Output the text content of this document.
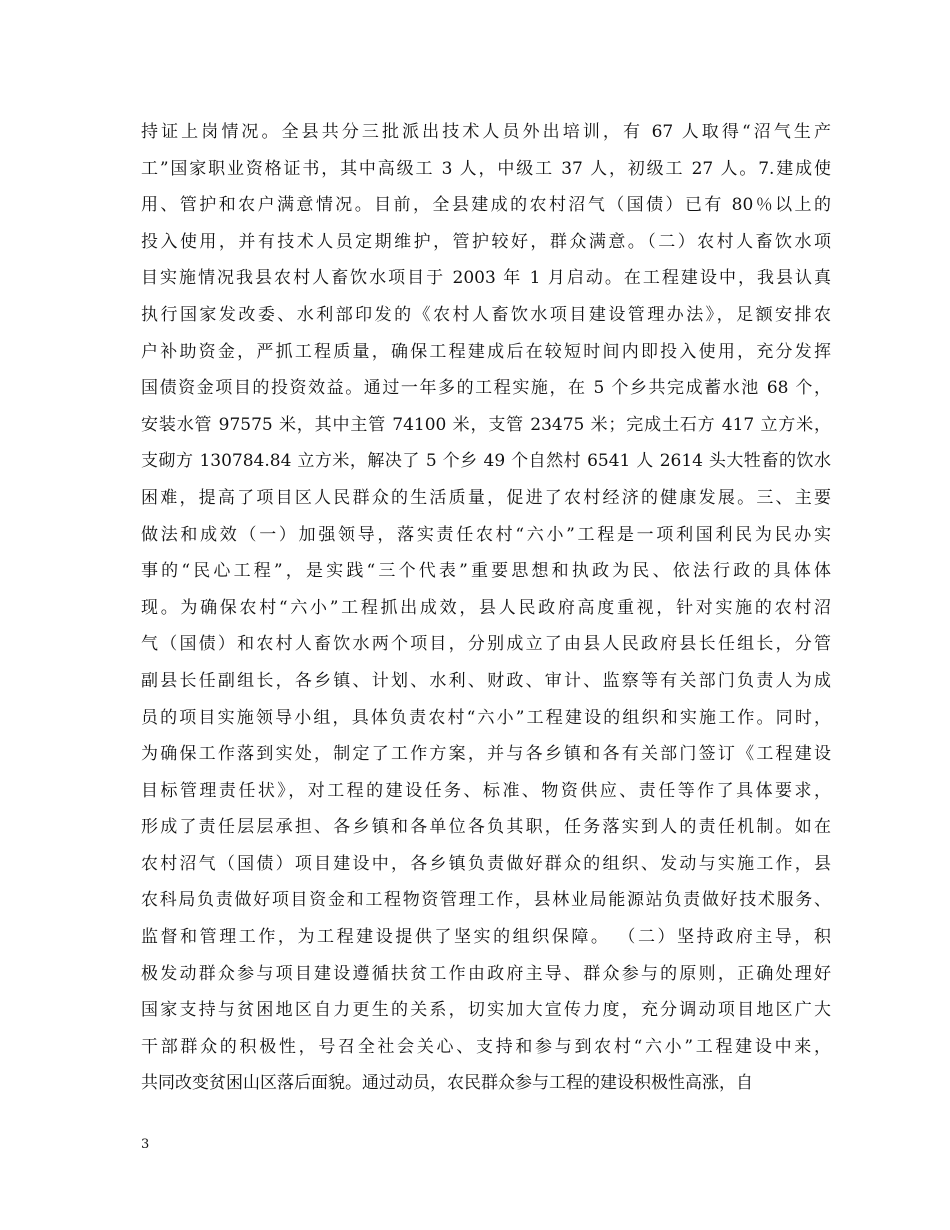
持证上岗情况。全县共分三批派出技术人员外出培训，有 67 人取得“沼气生产
工”国家职业资格证书，其中高级工 3 人，中级工 37 人，初级工 27 人。7.建成使
用、管护和农户满意情况。目前，全县建成的农村沼气（国债）已有 80％以上的
投入使用，并有技术人员定期维护，管护较好，群众满意。（二）农村人畜饮水项
目实施情况我县农村人畜饮水项目于 2003 年 1 月启动。在工程建设中，我县认真
执行国家发改委、水利部印发的《农村人畜饮水项目建设管理办法》，足额安排农
户补助资金，严抓工程质量，确保工程建成后在较短时间内即投入使用，充分发挥
国债资金项目的投资效益。通过一年多的工程实施，在 5 个乡共完成蓄水池 68 个，
安装水管 97575 米，其中主管 74100 米，支管 23475 米；完成土石方 417 立方米，
支砌方 130784.84 立方米，解决了 5 个乡 49 个自然村 6541 人 2614 头大牲畜的饮水
困难，提高了项目区人民群众的生活质量，促进了农村经济的健康发展。三、主要
做法和成效（一）加强领导，落实责任农村“六小”工程是一项利国利民为民办实
事的“民心工程”，是实践“三个代表”重要思想和执政为民、依法行政的具体体
现。为确保农村“六小”工程抓出成效，县人民政府高度重视，针对实施的农村沼
气（国债）和农村人畜饮水两个项目，分别成立了由县人民政府县长任组长，分管
副县长任副组长，各乡镇、计划、水利、财政、审计、监察等有关部门负责人为成
员的项目实施领导小组，具体负责农村“六小”工程建设的组织和实施工作。同时，
为确保工作落到实处，制定了工作方案，并与各乡镇和各有关部门签订《工程建设
目标管理责任状》，对工程的建设任务、标准、物资供应、责任等作了具体要求，
形成了责任层层承担、各乡镇和各单位各负其职，任务落实到人的责任机制。如在
农村沼气（国债）项目建设中，各乡镇负责做好群众的组织、发动与实施工作，县
农科局负责做好项目资金和工程物资管理工作，县林业局能源站负责做好技术服务、
监督和管理工作，为工程建设提供了坚实的组织保障。 （二）坚持政府主导，积
极发动群众参与项目建设遵循扶贫工作由政府主导、群众参与的原则，正确处理好
国家支持与贫困地区自力更生的关系，切实加大宣传力度，充分调动项目地区广大
干部群众的积极性，号召全社会关心、支持和参与到农村“六小”工程建设中来，
共同改变贫困山区落后面貌。通过动员，农民群众参与工程的建设积极性高涨，自
3
